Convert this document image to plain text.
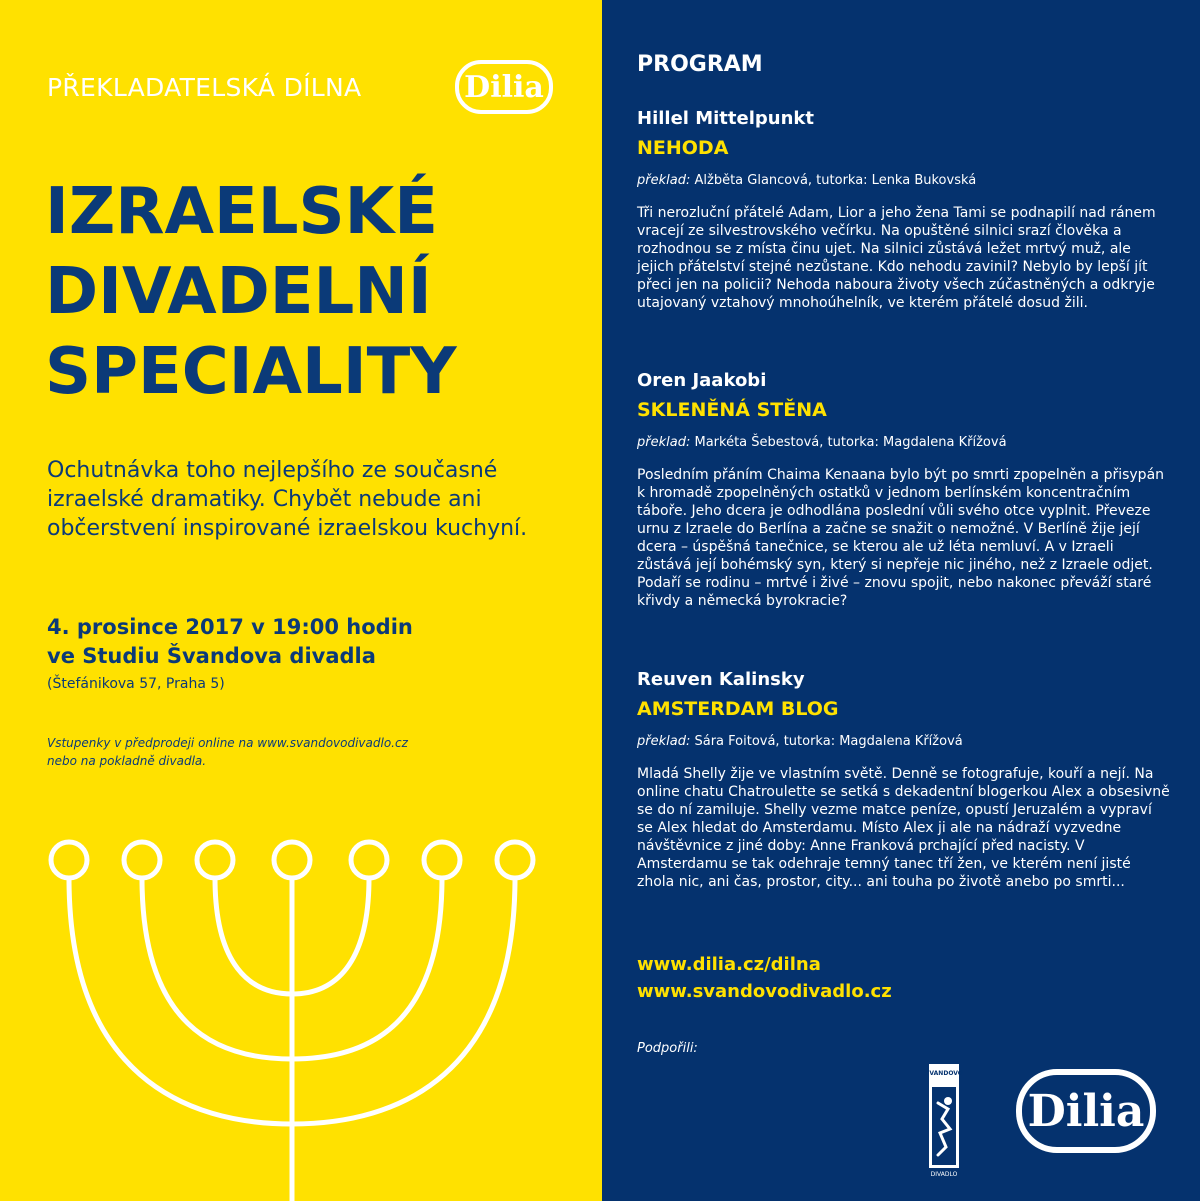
PŘEKLADATELSKÁ DÍLNA	Dilia
IZRAELSKÉ
DIVADELNÍ
SPECIALITY
Ochutnávka toho nejlepšího ze současné izraelské dramatiky. Chybět nebude ani občerstvení inspirované izraelskou kuchyní.
4. prosince 2017 v 19:00 hodin
ve Studiu Švandova divadla
(Štefánikova 57, Praha 5)
Vstupenky v předprodeji online na www.svandovodivadlo.cz
nebo na pokladně divadla.
PROGRAM
Hillel Mittelpunkt
NEHODA
překlad: Alžběta Glancová, tutorka: Lenka Bukovská
Tři nerozluční přátelé Adam, Lior a jeho žena Tami se podnapilí nad ránem vracejí ze silvestrovského večírku. Na opuštěné silnici srazí člověka a rozhodnou se z místa činu ujet. Na silnici zůstává ležet mrtvý muž, ale jejich přátelství stejné nezůstane. Kdo nehodu zavinil? Nebylo by lepší jít přeci jen na policii? Nehoda naboura životy všech zúčastněných a odkryje utajovaný vztahový mnohoúhelník, ve kterém přátelé dosud žili.
Oren Jaakobi
SKLENĚNÁ STĚNA
překlad: Markéta Šebestová, tutorka: Magdalena Křížová
Posledním přáním Chaima Kenaana bylo být po smrti zpopelněn a přisypán k hromadě zpopelněných ostatků v jednom berlínském koncentračním táboře. Jeho dcera je odhodlána poslední vůli svého otce vyplnit. Převeze urnu z Izraele do Berlína a začne se snažit o nemožné. V Berlíně žije její dcera – úspěšná tanečnice, se kterou ale už léta nemluví. A v Izraeli zůstává její bohémský syn, který si nepřeje nic jiného, než z Izraele odjet. Podaří se rodinu – mrtvé i živé – znovu spojit, nebo nakonec převáží staré křivdy a německá byrokracie?
Reuven Kalinsky
AMSTERDAM BLOG
překlad: Sára Foitová, tutorka: Magdalena Křížová
Mladá Shelly žije ve vlastním světě. Denně se fotografuje, kouří a nejí. Na online chatu Chatroulette se setká s dekadentní blogerkou Alex a obsesivně se do ní zamiluje. Shelly vezme matce peníze, opustí Jeruzalém a vypraví se Alex hledat do Amsterdamu. Místo Alex ji ale na nádraží vyzvedne návštěvnice z jiné doby: Anne Franková prchající před nacisty. V Amsterdamu se tak odehraje temný tanec tří žen, ve kterém není jisté zhola nic, ani čas, prostor, city... ani touha po životě anebo po smrti...
www.dilia.cz/dilna
www.svandovodivadlo.cz
Podpořili:
ŠVANDOVO
DIVADLO
Dilia
